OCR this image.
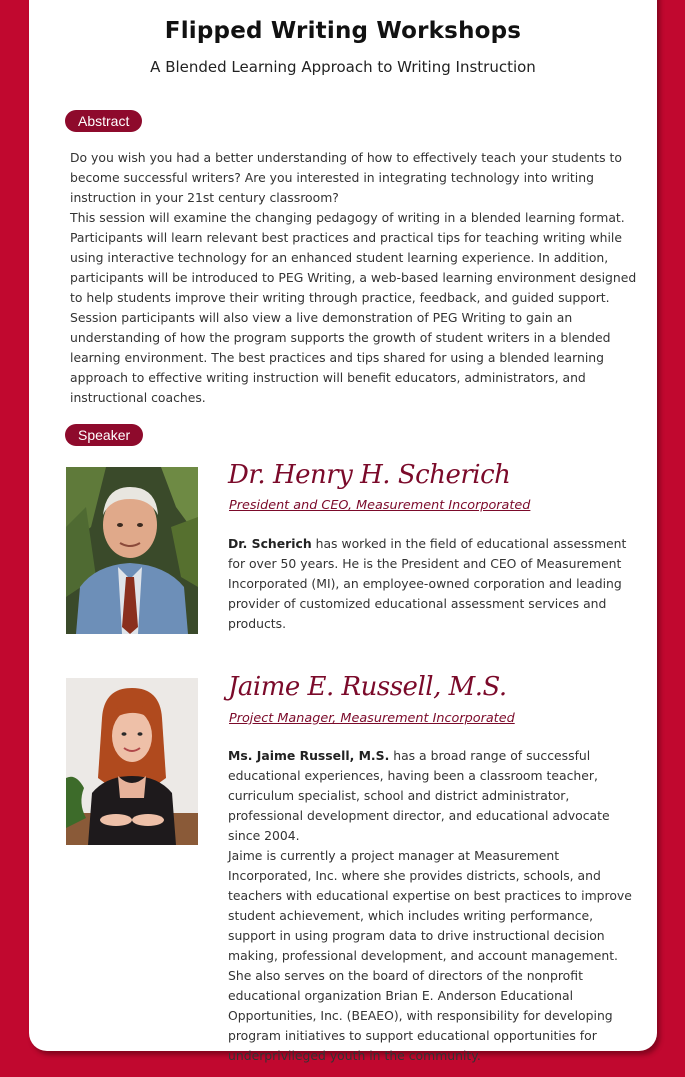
Flipped Writing Workshops
A Blended Learning Approach to Writing Instruction
Abstract

Do you wish you had a better understanding of how to effectively teach your students to become successful writers? Are you interested in integrating technology into writing instruction in your 21st century classroom?

This session will examine the changing pedagogy of writing in a blended learning format. Participants will learn relevant best practices and practical tips for teaching writing while using interactive technology for an enhanced student learning experience. In addition, participants will be introduced to PEG Writing, a web-based learning environment designed to help students improve their writing through practice, feedback, and guided support.

Session participants will also view a live demonstration of PEG Writing to gain an understanding of how the program supports the growth of student writers in a blended learning environment. The best practices and tips shared for using a blended learning approach to effective writing instruction will benefit educators, administrators, and instructional coaches.

Speaker
Dr. Henry H. Scherich
President and CEO, Measurement Incorporated

Dr. Scherich has worked in the field of educational assessment for over 50 years. He is the President and CEO of Measurement Incorporated (MI), an employee-owned corporation and leading provider of customized educational assessment services and products.

Jaime E. Russell, M.S.
Project Manager, Measurement Incorporated

Ms. Jaime Russell, M.S. has a broad range of successful educational experiences, having been a classroom teacher, curriculum specialist, school and district administrator, professional development director, and educational advocate since 2004.

Jaime is currently a project manager at Measurement Incorporated, Inc. where she provides districts, schools, and teachers with educational expertise on best practices to improve student achievement, which includes writing performance, support in using program data to drive instructional decision making, professional development, and account management. She also serves on the board of directors of the nonprofit educational organization Brian E. Anderson Educational Opportunities, Inc. (BEAEO), with responsibility for developing program initiatives to support educational opportunities for underprivileged youth in the community.
